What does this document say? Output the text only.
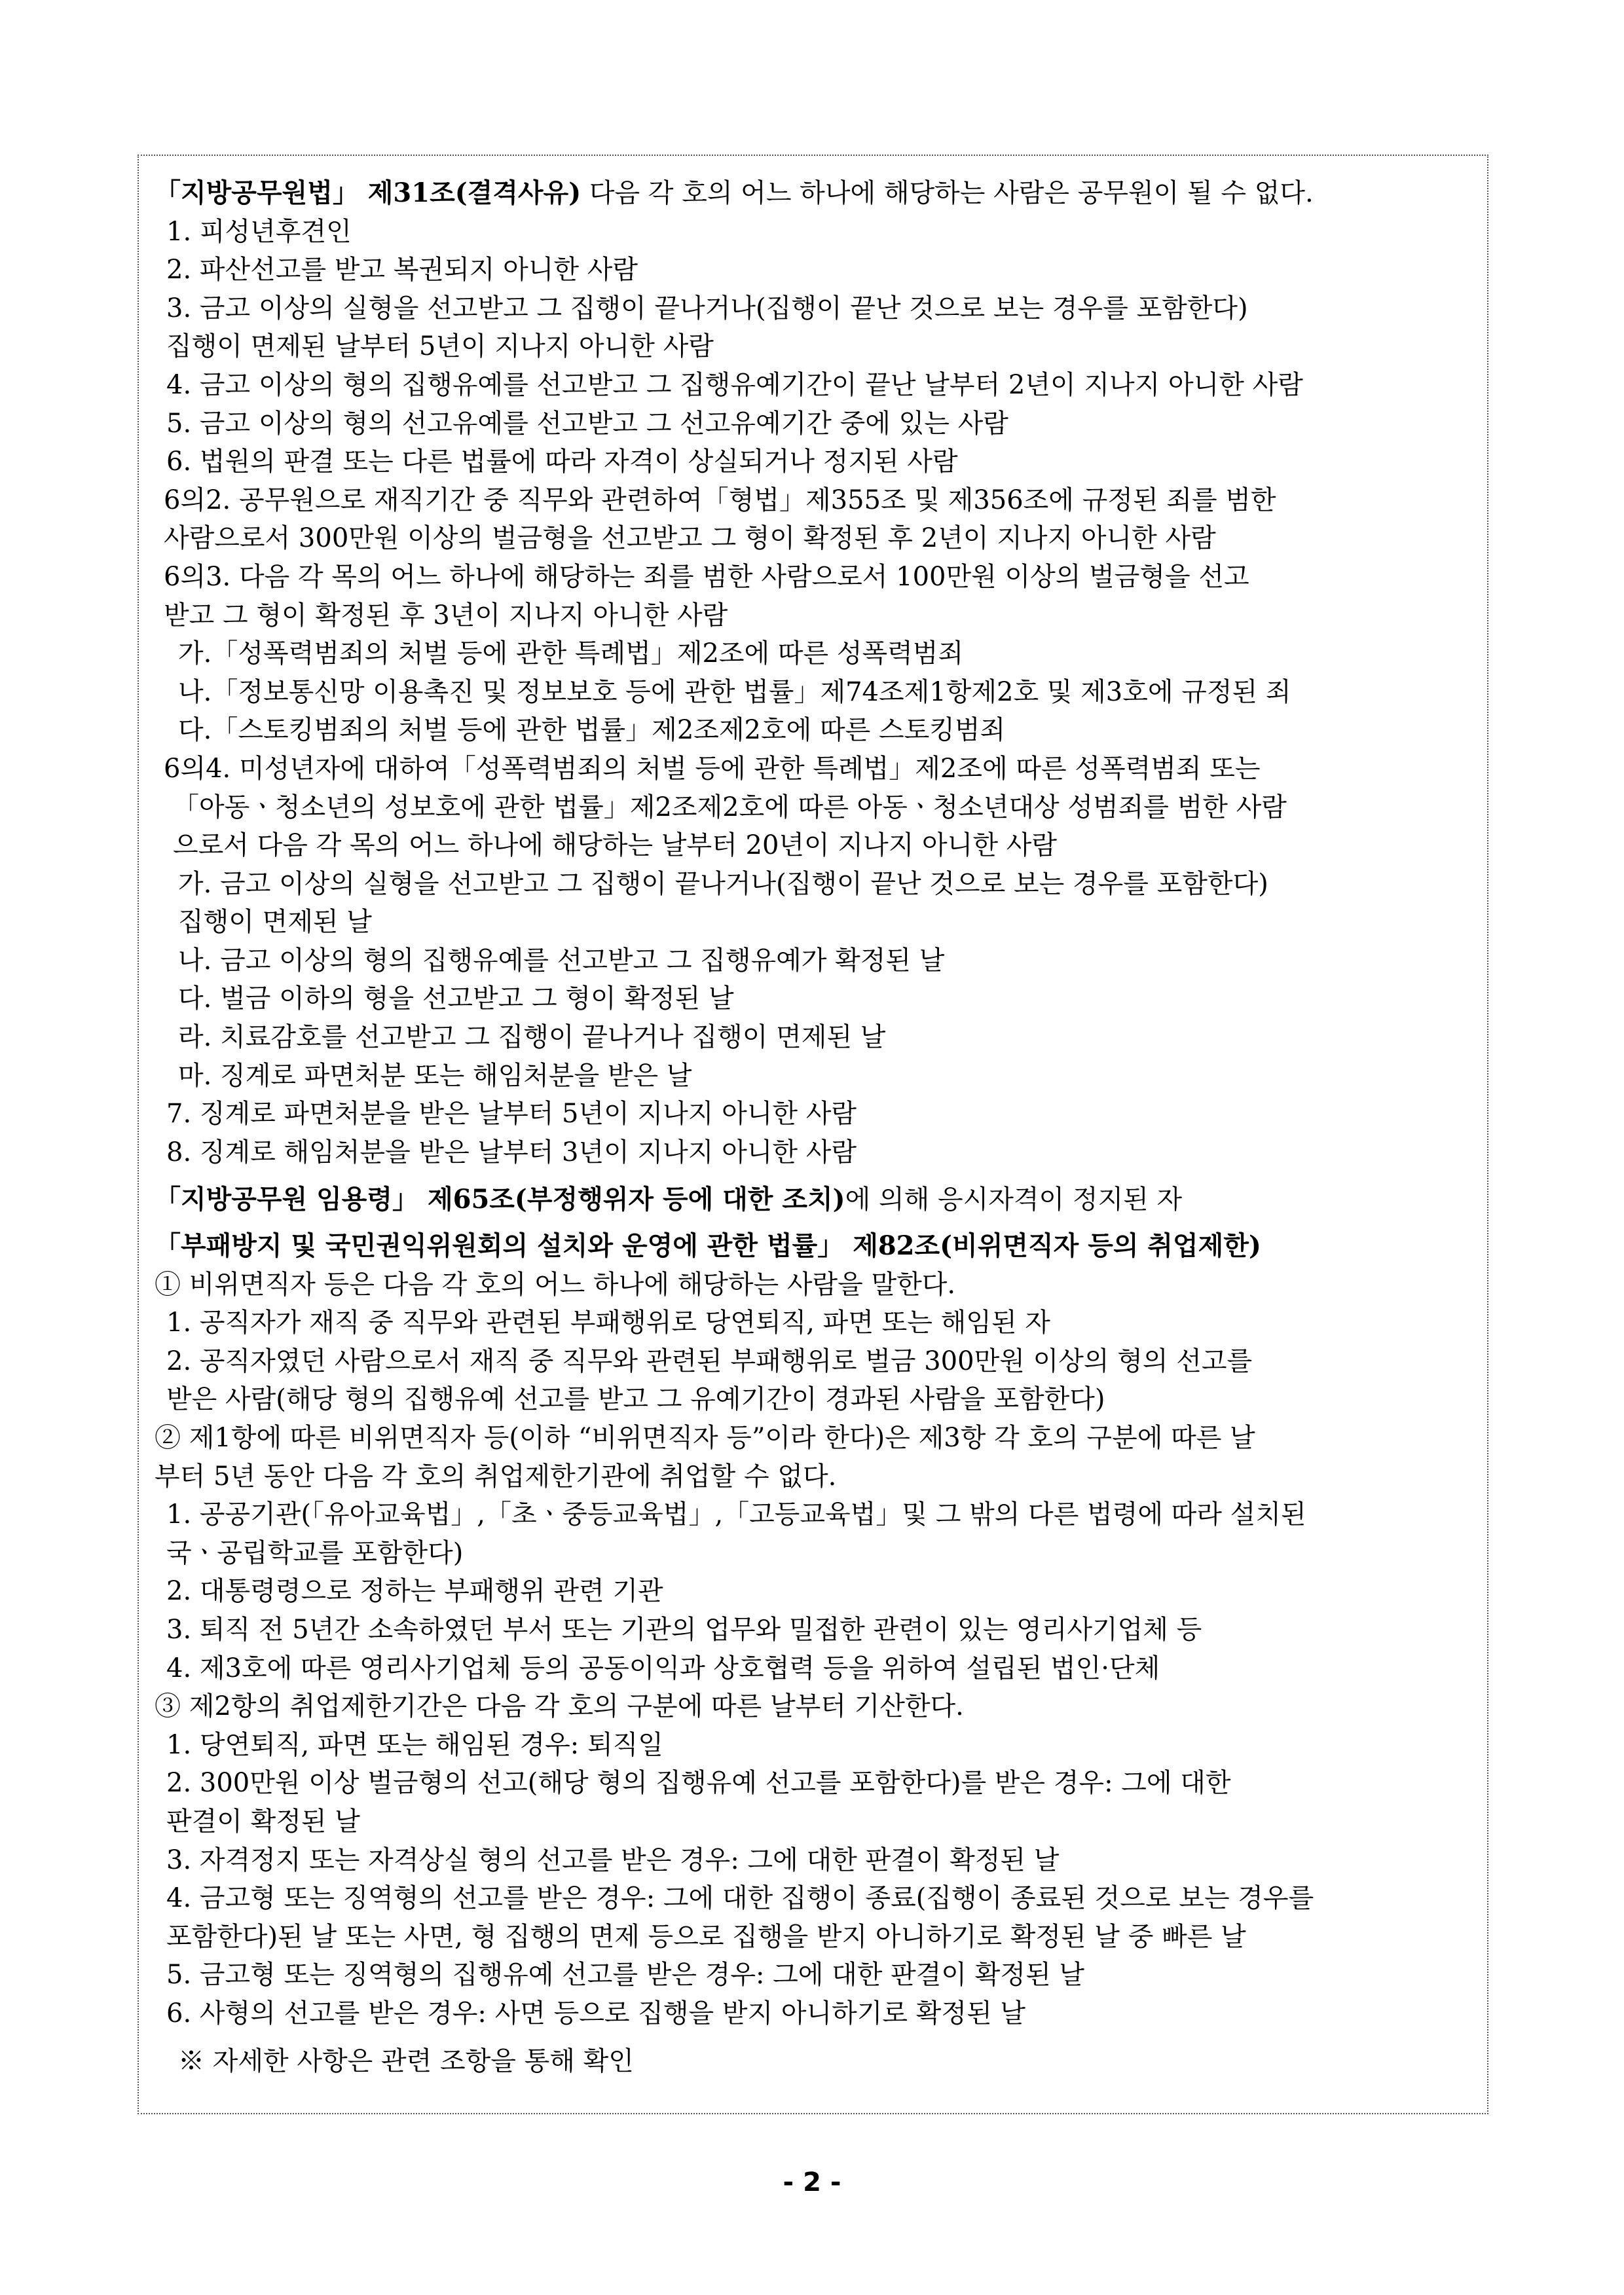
「지방공무원법」 제31조(결격사유) 다음 각 호의 어느 하나에 해당하는 사람은 공무원이 될 수 없다.
1. 피성년후견인
2. 파산선고를 받고 복권되지 아니한 사람
3. 금고 이상의 실형을 선고받고 그 집행이 끝나거나(집행이 끝난 것으로 보는 경우를 포함한다)
집행이 면제된 날부터 5년이 지나지 아니한 사람
4. 금고 이상의 형의 집행유예를 선고받고 그 집행유예기간이 끝난 날부터 2년이 지나지 아니한 사람
5. 금고 이상의 형의 선고유예를 선고받고 그 선고유예기간 중에 있는 사람
6. 법원의 판결 또는 다른 법률에 따라 자격이 상실되거나 정지된 사람
6의2. 공무원으로 재직기간 중 직무와 관련하여「형법」제355조 및 제356조에 규정된 죄를 범한
사람으로서 300만원 이상의 벌금형을 선고받고 그 형이 확정된 후 2년이 지나지 아니한 사람
6의3. 다음 각 목의 어느 하나에 해당하는 죄를 범한 사람으로서 100만원 이상의 벌금형을 선고
받고 그 형이 확정된 후 3년이 지나지 아니한 사람
가.「성폭력범죄의 처벌 등에 관한 특례법」제2조에 따른 성폭력범죄
나.「정보통신망 이용촉진 및 정보보호 등에 관한 법률」제74조제1항제2호 및 제3호에 규정된 죄
다.「스토킹범죄의 처벌 등에 관한 법률」제2조제2호에 따른 스토킹범죄
6의4. 미성년자에 대하여「성폭력범죄의 처벌 등에 관한 특례법」제2조에 따른 성폭력범죄 또는
「아동ㆍ청소년의 성보호에 관한 법률」제2조제2호에 따른 아동ㆍ청소년대상 성범죄를 범한 사람
으로서 다음 각 목의 어느 하나에 해당하는 날부터 20년이 지나지 아니한 사람
가. 금고 이상의 실형을 선고받고 그 집행이 끝나거나(집행이 끝난 것으로 보는 경우를 포함한다)
집행이 면제된 날
나. 금고 이상의 형의 집행유예를 선고받고 그 집행유예가 확정된 날
다. 벌금 이하의 형을 선고받고 그 형이 확정된 날
라. 치료감호를 선고받고 그 집행이 끝나거나 집행이 면제된 날
마. 징계로 파면처분 또는 해임처분을 받은 날
7. 징계로 파면처분을 받은 날부터 5년이 지나지 아니한 사람
8. 징계로 해임처분을 받은 날부터 3년이 지나지 아니한 사람
「지방공무원 임용령」 제65조(부정행위자 등에 대한 조치)에 의해 응시자격이 정지된 자
「부패방지 및 국민권익위원회의 설치와 운영에 관한 법률」 제82조(비위면직자 등의 취업제한)
① 비위면직자 등은 다음 각 호의 어느 하나에 해당하는 사람을 말한다.
1. 공직자가 재직 중 직무와 관련된 부패행위로 당연퇴직, 파면 또는 해임된 자
2. 공직자였던 사람으로서 재직 중 직무와 관련된 부패행위로 벌금 300만원 이상의 형의 선고를
받은 사람(해당 형의 집행유예 선고를 받고 그 유예기간이 경과된 사람을 포함한다)
② 제1항에 따른 비위면직자 등(이하 “비위면직자 등”이라 한다)은 제3항 각 호의 구분에 따른 날
부터 5년 동안 다음 각 호의 취업제한기관에 취업할 수 없다.
1. 공공기관(「유아교육법」,「초ㆍ중등교육법」,「고등교육법」및 그 밖의 다른 법령에 따라 설치된
국ㆍ공립학교를 포함한다)
2. 대통령령으로 정하는 부패행위 관련 기관
3. 퇴직 전 5년간 소속하였던 부서 또는 기관의 업무와 밀접한 관련이 있는 영리사기업체 등
4. 제3호에 따른 영리사기업체 등의 공동이익과 상호협력 등을 위하여 설립된 법인·단체
③ 제2항의 취업제한기간은 다음 각 호의 구분에 따른 날부터 기산한다.
1. 당연퇴직, 파면 또는 해임된 경우: 퇴직일
2. 300만원 이상 벌금형의 선고(해당 형의 집행유예 선고를 포함한다)를 받은 경우: 그에 대한
판결이 확정된 날
3. 자격정지 또는 자격상실 형의 선고를 받은 경우: 그에 대한 판결이 확정된 날
4. 금고형 또는 징역형의 선고를 받은 경우: 그에 대한 집행이 종료(집행이 종료된 것으로 보는 경우를
포함한다)된 날 또는 사면, 형 집행의 면제 등으로 집행을 받지 아니하기로 확정된 날 중 빠른 날
5. 금고형 또는 징역형의 집행유예 선고를 받은 경우: 그에 대한 판결이 확정된 날
6. 사형의 선고를 받은 경우: 사면 등으로 집행을 받지 아니하기로 확정된 날
※ 자세한 사항은 관련 조항을 통해 확인
- 2 -
